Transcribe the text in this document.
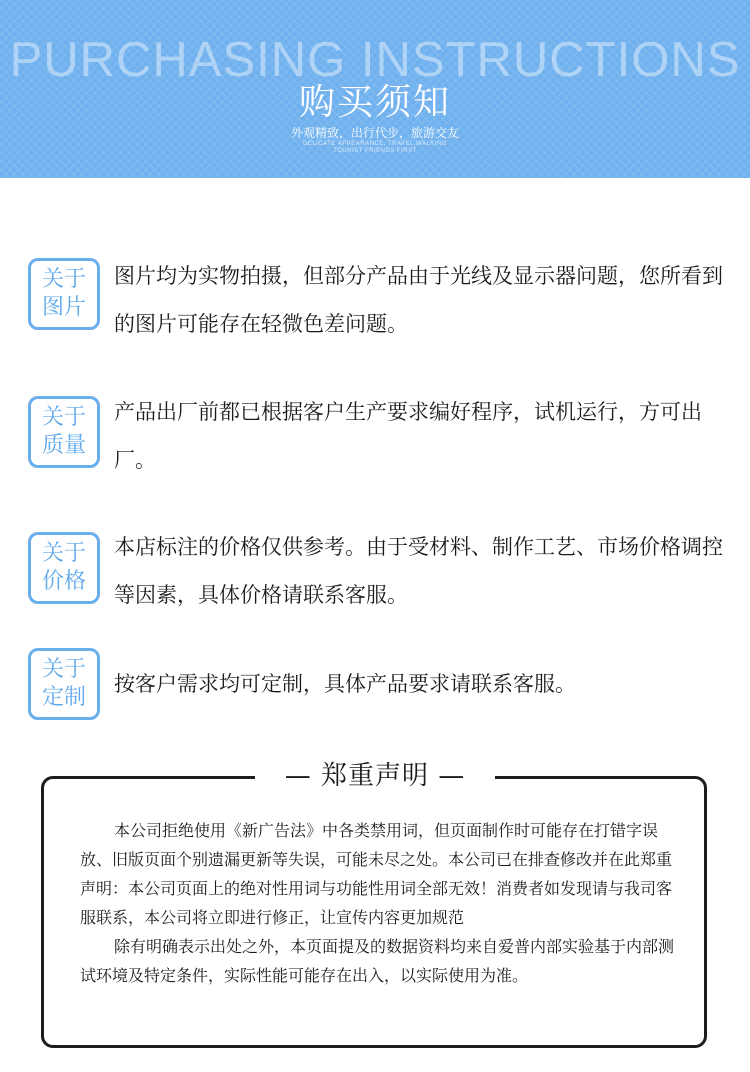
PURCHASING INSTRUCTIONS
购买须知
外观精致，出行代步，旅游交友
DELICATE APPEARANCE, TRAVEL,WALKING
TOURIST FRIENDS FIRST
关于
图片
图片均为实物拍摄，但部分产品由于光线及显示器问题，您所看到的图片可能存在轻微色差问题。
关于
质量
产品出厂前都已根据客户生产要求编好程序，试机运行，方可出厂。
关于
价格
本店标注的价格仅供参考。由于受材料、制作工艺、市场价格调控等因素，具体价格请联系客服。
关于
定制
按客户需求均可定制，具体产品要求请联系客服。
— 郑重声明 —

本公司拒绝使用《新广告法》中各类禁用词，但页面制作时可能存在打错字误放、旧版页面个别遗漏更新等失误，可能未尽之处。本公司已在排查修改并在此郑重声明：本公司页面上的绝对性用词与功能性用词全部无效！消费者如发现请与我司客服联系，本公司将立即进行修正，让宣传内容更加规范

除有明确表示出处之外，本页面提及的数据资料均来自爱普内部实验基于内部测试环境及特定条件，实际性能可能存在出入，以实际使用为准。
